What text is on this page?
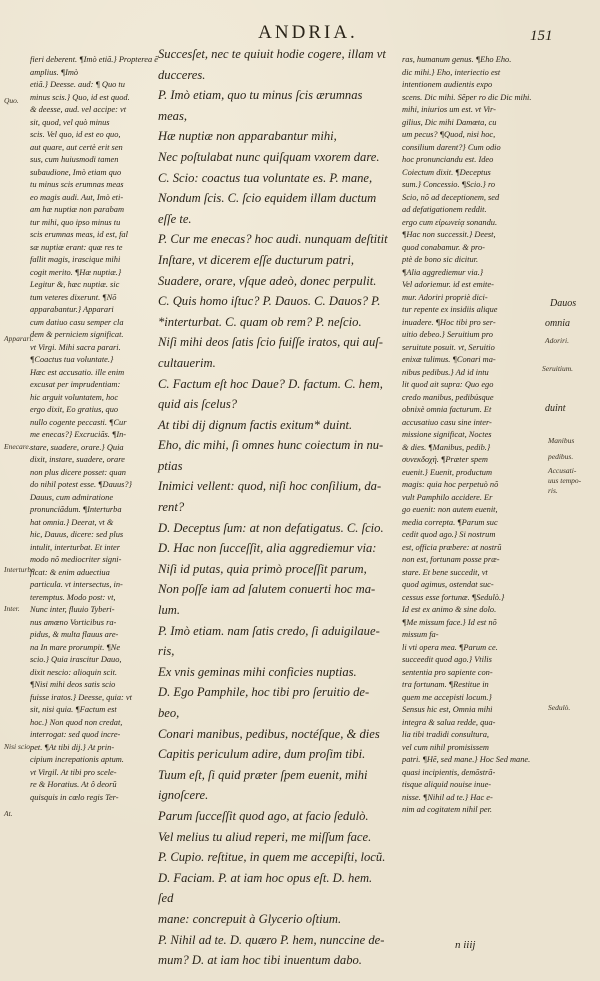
ANDRIA.	151
fieri deberent. ¶Imò etiã.} Propterea ẽ amplius. ¶Imò
etiã.} Deesse. aud: ¶ Quo tu
minus scis.} Quo, id est quod.
& deesse, aud. vel accipe: vt
sit, quod, vel quò minus
scis. Vel quo, id est eo quo,
aut quare, aut certè erit sen
sus, cum huiusmodi tamen
subaudione, Imò etiam quo
tu minus scis erumnas meas
eo magis audi. Aut, Imò eti-
am hæ nuptiæ non parabam
tur mihi, quo ipso minus tu
scis erumnas meas, id est, fal
sæ nuptiæ erant: quæ res te
fallit magis, irascique mihi
cogit merito. ¶Hæ nuptiæ.}
Legitur &, hæc nuptiæ. sic
tum veteres dixerunt. ¶Nõ
apparabantur.} Apparari
cum datiuo casu semper cla
dem & perniciem significat.
vt Virgi. Mihi sacra parari.
¶Coactus tua voluntate.}
Hæc est accusatio. ille enim
excusat per imprudentiam:
hic arguit voluntatem, hoc
ergo dixit, Eo gratius, quo
nullo cogente peccasti. ¶Cur
me enecas?} Excruciãs. ¶In-
stare, suadere, orare.} Quia
dixit, instare, suadere, orare
non plus dicere posset: quan
do nihil potest esse. ¶Dauus?}
Dauus, cum admiratione
pronunciãdum. ¶Interturba
hat omnia.} Deerat, vt &
hic, Dauus, dicere: sed plus
intulit, interturbat. Et inter
modo nõ mediocriter signi-
ficat: & enim aduectiua
particula. vt intersectus, in-
teremptus. Modo post: vt,
Nunc inter, fluuio Tyberi-
nus amœno Vorticibus ra-
pidus, & multa flauus are-
na In mare prorumpit. ¶Ne
scio.} Quia irascitur Dauo,
dixit nescio: alioquin scit.
¶Nisi mihi deos satis scio
fuisse iratos.} Deesse, quia: vt
sit, nisi quia. ¶Factum est
hoc.} Non quod non credat,
interrogat: sed quod incre-
pet. ¶At tibi dij.} At prin-
cipium increpationis aptum.
vt Virgil. At tibi pro scele-
re & Horatius. At ô deorũ
quisquis in cœlo regis Ter-
Succesſet, nec te quiuit hodie cogere, illam vt
ducceres.
P. Imò etiam, quo tu minus ſcis ærumnas
meas,
Hæ nuptiæ non apparabantur mihi,
Nec poſtulabat nunc quiſquam vxorem dare.
C. Scio: coactus tua voluntate es. P. mane,
Nondum ſcis. C. ſcio equidem illam ductum
eſſe te.
P. Cur me enecas? hoc audi. nunquam deſtitit
Inſtare, vt dicerem eſſe ducturum patri,
Suadere, orare, vſque adeò, donec perpulit.
C. Quis homo iſtuc? P. Dauos. C. Dauos? P.
*interturbat. C. quam ob rem? P. neſcio.
Niſi mihi deos ſatis ſcio fuiſſe iratos, qui auſ-
cultauerim.
C. Factum eſt hoc Daue? D. factum. C. hem,
quid ais ſcelus?
At tibi dij dignum factis exitum* duint.
Eho, dic mihi, ſi omnes hunc coiectum in nu-
ptias
Inimici vellent: quod, niſi hoc conſilium, da-
rent?
D. Deceptus ſum: at non defatigatus. C. ſcio.
D. Hac non ſucceſſit, alia aggrediemur via:
Niſi id putas, quia primò proceſſit parum,
Non poſſe iam ad ſalutem conuerti hoc ma-
lum.
P. Imò etiam. nam ſatis credo, ſi aduigilaue-
ris,
Ex vnis geminas mihi conficies nuptias.
D. Ego Pamphile, hoc tibi pro ſeruitio de-
beo,
Conari manibus, pedibus, noctéſque, & dies
Capitis periculum adire, dum proſim tibi.
Tuum eſt, ſi quid præter ſpem euenit, mihi
ignoſcere.
Parum ſucceſſit quod ago, at facio ſedulò.
Vel melius tu aliud reperi, me miſſum face.
P. Cupio. reſtitue, in quem me accepiſti, locũ.
D. Faciam. P. at iam hoc opus eſt. D. hem. ſed
mane: concrepuit à Glycerio oſtium.
P. Nihil ad te. D. quæro P. hem, nunccine de-
mum? D. at iam hoc tibi inuentum dabo.
ras, humanum genus. ¶Eho Eho.
dic mihi.} Eho, interiectio est
intentionem audientis expo
scens. Dic mihi. Sẽper ro dic Dic mihi.
mihi, iniurios um est. vt Vir-
gilius, Dic mihi Damœta, cu
um pecus? ¶Quod, nisi hoc,
consilium darent?} Cum odio
hoc pronunciandu est. Ideo
Coiectum dixit. ¶Deceptus
sum.} Concessio. ¶Scio.} ro
Scio, nõ ad deceptionem, sed
ad defatigationem reddit.
ergo cum εἰρωνείᾳ sonandu.
¶Hac non successit.} Deest,
quod conabamur. & pro-
ptè de bono sic dicitur.
¶Alia aggrediemur via.}
Vel adoriemur. id est emite-
mur. Adoriri propriè dici-
tur repente ex insidiis alique
inuadere. ¶Hoc tibi pro ser-
uitio debeo.} Seruitium pro
seruitute posuit. vt, Seruitio
enixæ tulimus. ¶Conari ma-
nibus pedibus.} Ad id intu
lit quod ait supra: Quo ego
credo manibus, pedibúsque
obnixè omnia facturum. Et
accusatiuo casu sine inter-
missione significat, Noctes
& dies. ¶Manibus, pedib.}
συνεκδοχὴ. ¶Præter spem
euenit.} Euenit, productum
magis: quia hoc perpetuò nõ
vult Pamphilo accidere. Er
go euenit: non autem euenit,
media correpta. ¶Parum suc
cedit quod ago.} Si nostrum
est, officia præbere: at nostrũ
non est, fortunam posse præ-
stare. Et bene succedit, vt
quod agimus, ostendat suc-
cessus esse fortunæ. ¶Sedulò.}
Id est ex animo & sine dolo.
¶Me missum face.} Id est nõ
missum fa-
li vti opera mea. ¶Parum ce.
succeedit quod ago.} Vtilis
sententia pro sapiente con-
tra fortunam. ¶Restitue in
quem me accepisti locum.}
Sensus hic est, Omnia mihi
integra & salua redde, qua-
lia tibi tradidi consultura,
vel cum nihil promisissem
patri. ¶Hẽ, sed mane.} Hoc Sed mane.
quasi incipientis, demõstrã-
tisque aliquid nouise inue-
nisse. ¶Nihil ad te.} Hac e-
nim ad cogitatem nihil per.
Quo.
Apparari.
Enecare.
Interturbo
Inter.
Nisi scio.
At.
Dauos
omnia
Adoriri.
Seruitium.
duint
Manibus
pedibus.
Accusati-
uus tempo-
ris.
Sedulò.
n iiij
